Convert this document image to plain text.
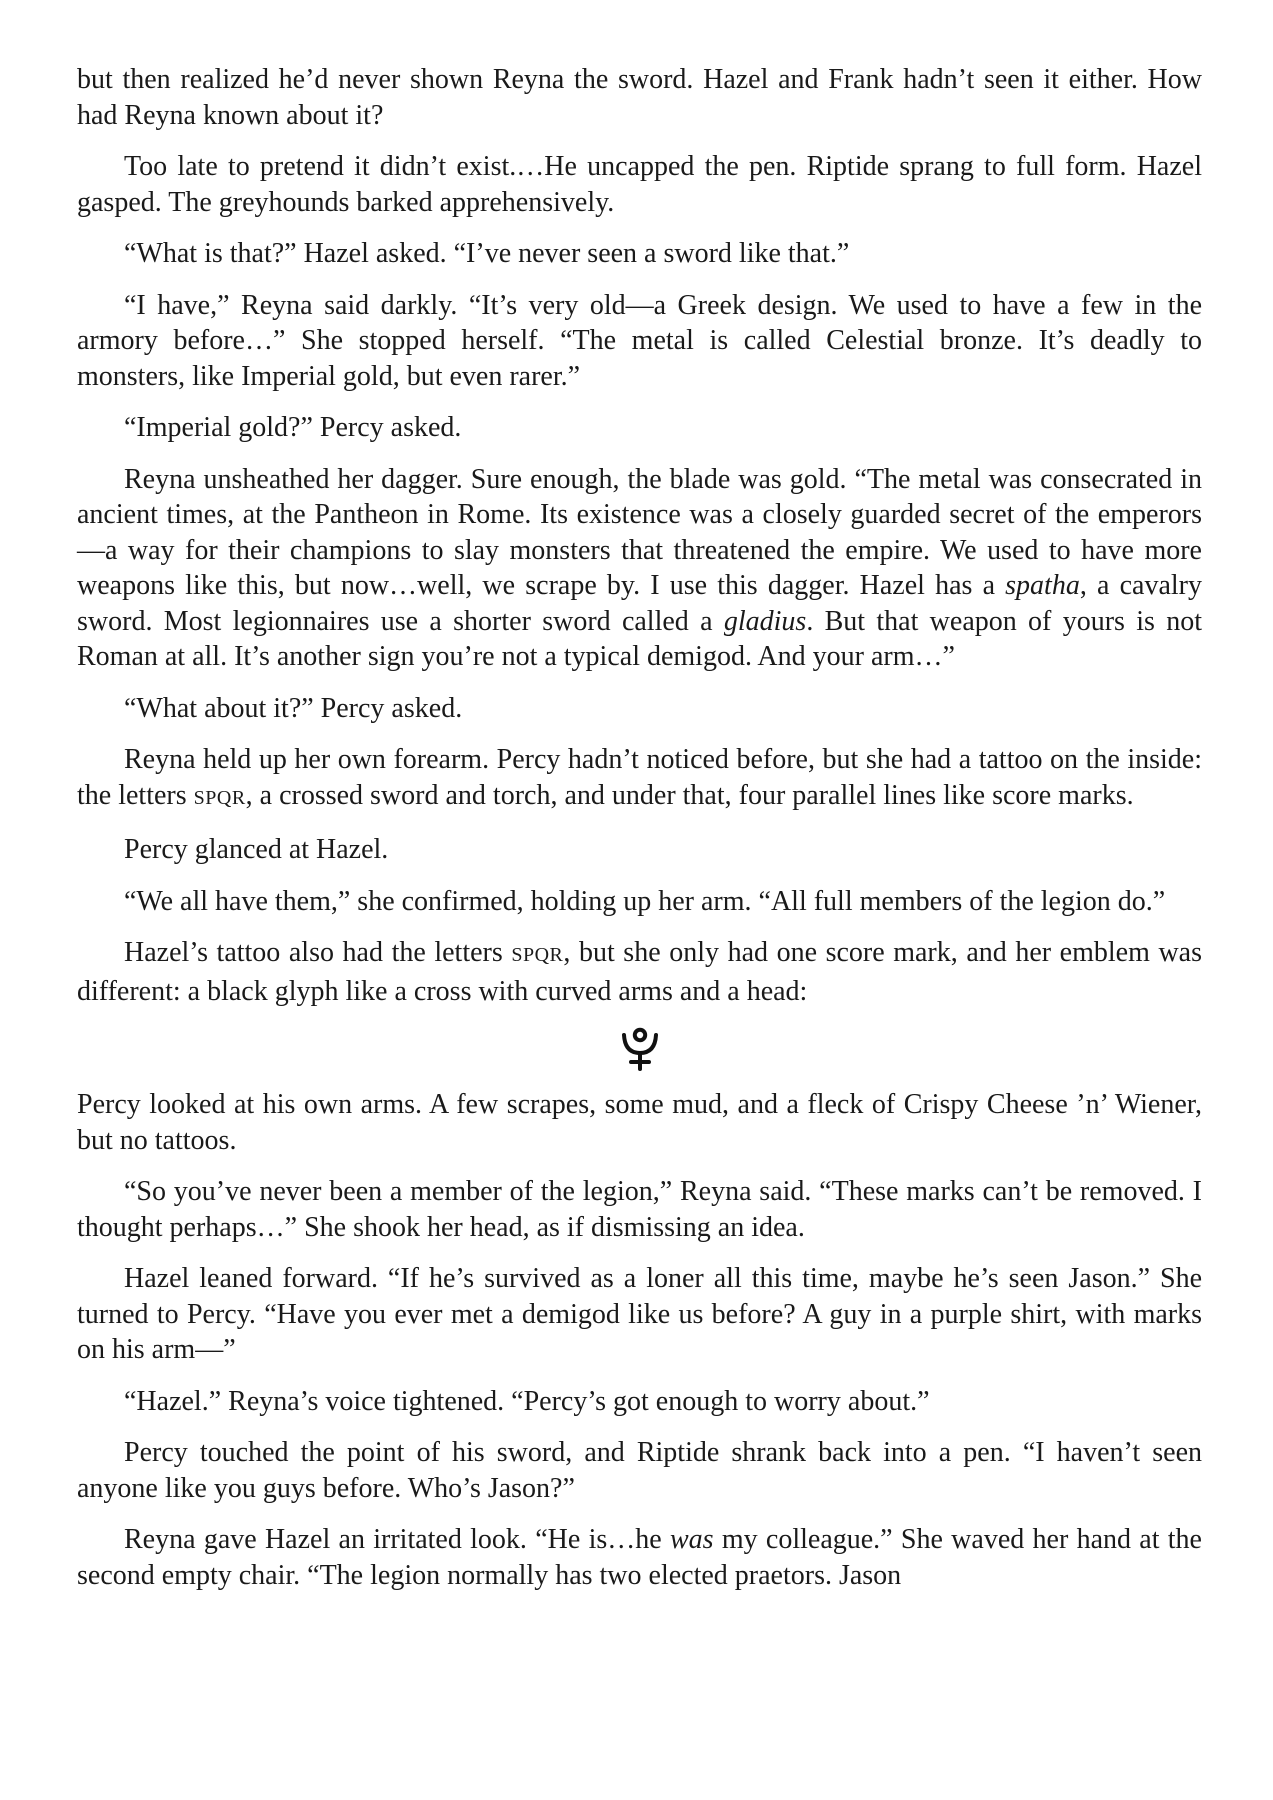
but then realized he’d never shown Reyna the sword. Hazel and Frank hadn’t seen it either. How had Reyna known about it?

Too late to pretend it didn’t exist.…He uncapped the pen. Riptide sprang to full form. Hazel gasped. The greyhounds barked apprehensively.

“What is that?” Hazel asked. “I’ve never seen a sword like that.”

“I have,” Reyna said darkly. “It’s very old—a Greek design. We used to have a few in the armory before…” She stopped herself. “The metal is called Celestial bronze. It’s deadly to monsters, like Imperial gold, but even rarer.”

“Imperial gold?” Percy asked.

Reyna unsheathed her dagger. Sure enough, the blade was gold. “The metal was consecrated in ancient times, at the Pantheon in Rome. Its existence was a closely guarded secret of the emperors—a way for their champions to slay monsters that threatened the empire. We used to have more weapons like this, but now…well, we scrape by. I use this dagger. Hazel has a spatha, a cavalry sword. Most legionnaires use a shorter sword called a gladius. But that weapon of yours is not Roman at all. It’s another sign you’re not a typical demigod. And your arm…”

“What about it?” Percy asked.

Reyna held up her own forearm. Percy hadn’t noticed before, but she had a tattoo on the inside: the letters SPQR, a crossed sword and torch, and under that, four parallel lines like score marks.

Percy glanced at Hazel.

“We all have them,” she confirmed, holding up her arm. “All full members of the legion do.”

Hazel’s tattoo also had the letters SPQR, but she only had one score mark, and her emblem was different: a black glyph like a cross with curved arms and a head:

Percy looked at his own arms. A few scrapes, some mud, and a fleck of Crispy Cheese ’n’ Wiener, but no tattoos.

“So you’ve never been a member of the legion,” Reyna said. “These marks can’t be removed. I thought perhaps…” She shook her head, as if dismissing an idea.

Hazel leaned forward. “If he’s survived as a loner all this time, maybe he’s seen Jason.” She turned to Percy. “Have you ever met a demigod like us before? A guy in a purple shirt, with marks on his arm—”

“Hazel.” Reyna’s voice tightened. “Percy’s got enough to worry about.”

Percy touched the point of his sword, and Riptide shrank back into a pen. “I haven’t seen anyone like you guys before. Who’s Jason?”

Reyna gave Hazel an irritated look. “He is…he was my colleague.” She waved her hand at the second empty chair. “The legion normally has two elected praetors. Jason
